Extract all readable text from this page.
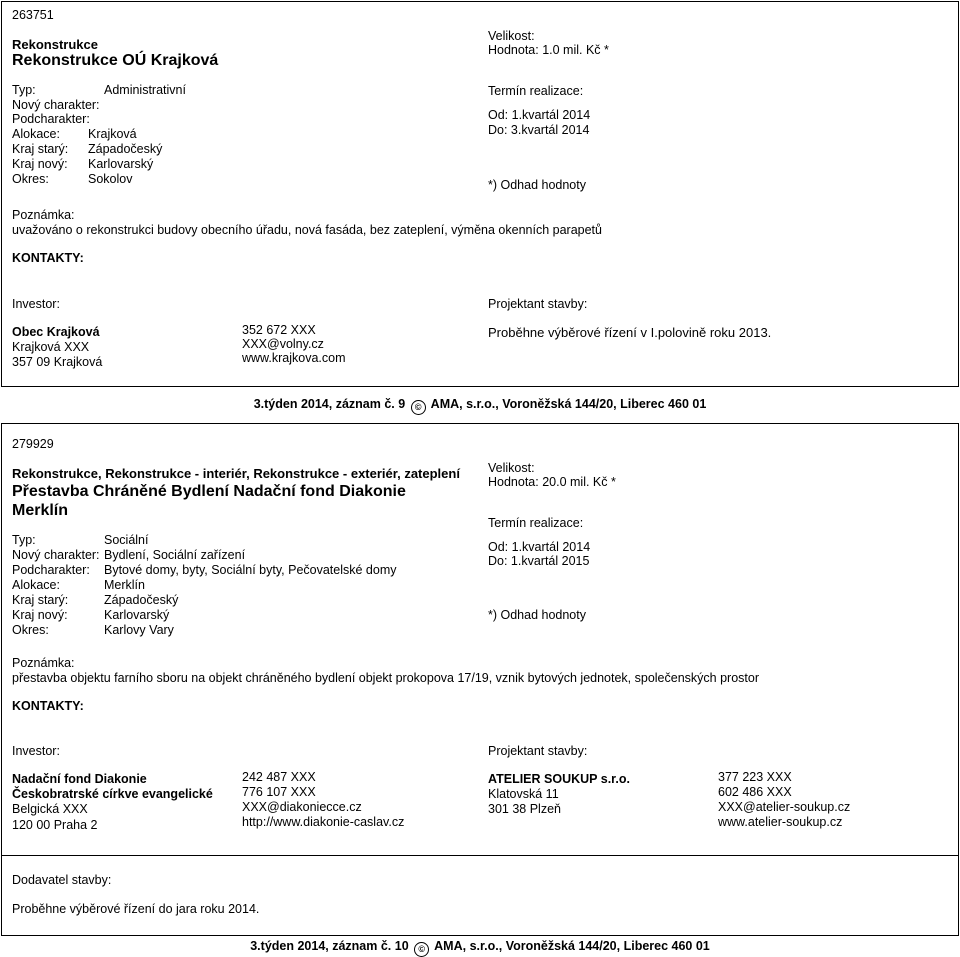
263751
Rekonstrukce
Rekonstrukce OÚ Krajková
Typ:	Administrativní
Nový charakter:
Podcharakter:
Alokace: Krajková
Kraj starý: Západočeský
Kraj nový: Karlovarský
Okres:	Sokolov
Velikost:
Hodnota: 1.0 mil. Kč *
Termín realizace:
Od: 1.kvartál 2014
Do: 3.kvartál 2014
*) Odhad hodnoty
Poznámka:
uvažováno o rekonstrukci budovy obecního úřadu, nová fasáda, bez zateplení, výměna okenních parapetů
KONTAKTY:
Investor:
Obec Krajková
Krajková XXX
357 09 Krajková
352 672 XXX
XXX@volny.cz
www.krajkova.com
Projektant stavby:
Proběhne výběrové řízení v I.polovině roku 2013.
3.týden 2014, záznam č. 9 © AMA, s.r.o., Voroněžská 144/20, Liberec 460 01
279929
Rekonstrukce, Rekonstrukce - interiér, Rekonstrukce - exteriér, zateplení
Přestavba Chráněné Bydlení Nadační fond Diakonie
Merklín
Typ:	Sociální
Nový charakter: Bydlení, Sociální zařízení
Podcharakter: Bytové domy, byty, Sociální byty, Pečovatelské domy
Alokace:	Merklín
Kraj starý:	Západočeský
Kraj nový:	Karlovarský
Okres:	Karlovy Vary
Velikost:
Hodnota: 20.0 mil. Kč *
Termín realizace:
Od: 1.kvartál 2014
Do: 1.kvartál 2015
*) Odhad hodnoty
Poznámka:
přestavba objektu farního sboru na objekt chráněného bydlení objekt prokopova 17/19, vznik bytových jednotek, společenských prostor
KONTAKTY:
Investor:
Nadační fond Diakonie
Českobratrské církve evangelické
Belgická XXX
120 00 Praha 2
242 487 XXX
776 107 XXX
XXX@diakoniecce.cz
http://www.diakonie-caslav.cz
Projektant stavby:
ATELIER SOUKUP s.r.o.
Klatovská 11
301 38 Plzeň
377 223 XXX
602 486 XXX
XXX@atelier-soukup.cz
www.atelier-soukup.cz
Dodavatel stavby:
Proběhne výběrové řízení do jara roku 2014.
3.týden 2014, záznam č. 10 © AMA, s.r.o., Voroněžská 144/20, Liberec 460 01
